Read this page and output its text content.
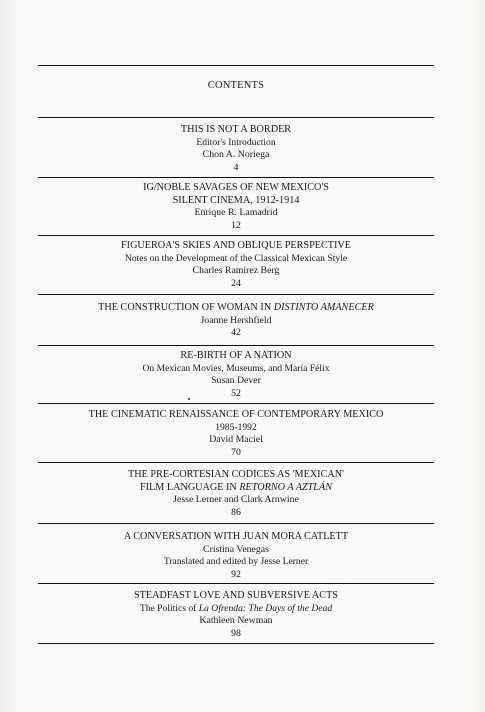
CONTENTS
THIS IS NOT A BORDER
Editor's Introduction
Chon A. Noriega
4
IG/NOBLE SAVAGES OF NEW MEXICO'S
SILENT CINEMA, 1912-1914
Enrique R. Lamadrid
12
FIGUEROA'S SKIES AND OBLIQUE PERSPECTIVE
Notes on the Development of the Classical Mexican Style
Charles Ramírez Berg
24
THE CONSTRUCTION OF WOMAN IN DISTINTO AMANECER
Joanne Hershfield
42
RE-BIRTH OF A NATION
On Mexican Movies, Museums, and María Félix
Susan Dever
52
THE CINEMATIC RENAISSANCE OF CONTEMPORARY MEXICO
1985-1992
David Maciel
70
THE PRE-CORTESIAN CODICES AS 'MEXICAN'
FILM LANGUAGE IN RETORNO A AZTLÁN
Jesse Lerner and Clark Arnwine
86
A CONVERSATION WITH JUAN MORA CATLETT
Cristina Venegas
Translated and edited by Jesse Lerner
92
STEADFAST LOVE AND SUBVERSIVE ACTS
The Politics of La Ofrenda: The Days of the Dead
Kathleen Newman
98
